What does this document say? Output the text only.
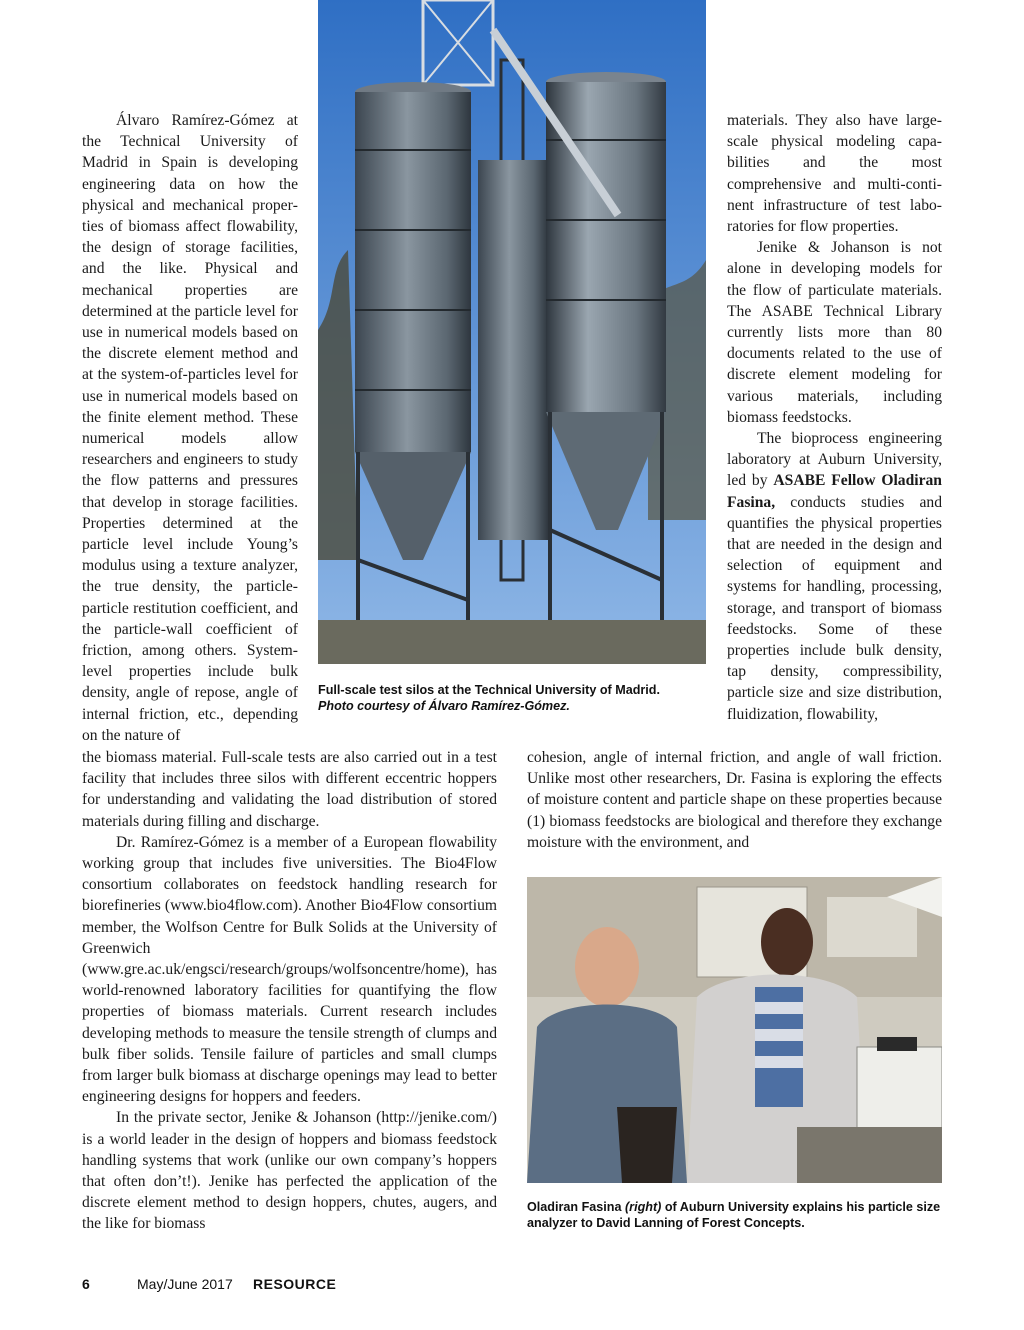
Full-scale test silos at the Technical University of Madrid.
Photo courtesy of Álvaro Ramírez-Gómez.

Álvaro Ramírez-Gómez at the Technical University of Madrid in Spain is developing engineering data on how the physical and mechanical properties of biomass affect flowability, the design of storage facilities, and the like. Physical and mechanical properties are determined at the particle level for use in numerical models based on the discrete element method and at the system-of-particles level for use in numerical models based on the finite element method. These numerical models allow researchers and engineers to study the flow patterns and pressures that develop in storage facilities. Properties determined at the particle level include Young’s modulus using a texture analyzer, the true density, the particle-particle restitution coefficient, and the particle-wall coefficient of friction, among others. System-level properties include bulk density, angle of repose, angle of internal friction, etc., depending on the nature of

materials. They also have large-scale physical modeling capabilities and the most comprehensive and multi-continent infrastructure of test laboratories for flow properties.

Jenike & Johanson is not alone in developing models for the flow of particulate materials. The ASABE Technical Library currently lists more than 80 documents related to the use of discrete element modeling for various materials, including biomass feedstocks.

The bioprocess engineering laboratory at Auburn University, led by ASABE Fellow Oladiran Fasina, conducts studies and quantifies the physical properties that are needed in the design and selection of equipment and systems for handling, processing, storage, and transport of biomass feedstocks. Some of these properties include bulk density, tap density, compressibility, particle size and size distribution, fluidization, flowability,

the biomass material. Full-scale tests are also carried out in a test facility that includes three silos with different eccentric hoppers for understanding and validating the load distribution of stored materials during filling and discharge.

Dr. Ramírez-Gómez is a member of a European flowability working group that includes five universities. The Bio4Flow consortium collaborates on feedstock handling research for biorefineries (www.bio4flow.com). Another Bio4Flow consortium member, the Wolfson Centre for Bulk Solids at the University of Greenwich (www.gre.ac.uk/engsci/research/groups/wolfsoncentre/home), has world-renowned laboratory facilities for quantifying the flow properties of biomass materials. Current research includes developing methods to measure the tensile strength of clumps and bulk fiber solids. Tensile failure of particles and small clumps from larger bulk biomass at discharge openings may lead to better engineering designs for hoppers and feeders.

In the private sector, Jenike & Johanson (http://jenike.com/) is a world leader in the design of hoppers and biomass feedstock handling systems that work (unlike our own company’s hoppers that often don’t!). Jenike has perfected the application of the discrete element method to design hoppers, chutes, augers, and the like for biomass

cohesion, angle of internal friction, and angle of wall friction. Unlike most other researchers, Dr. Fasina is exploring the effects of moisture content and particle shape on these properties because (1) biomass feedstocks are biological and therefore they exchange moisture with the environment, and

Oladiran Fasina (right) of Auburn University explains his particle size analyzer to David Lanning of Forest Concepts.
6	May/June 2017 RESOURCE
